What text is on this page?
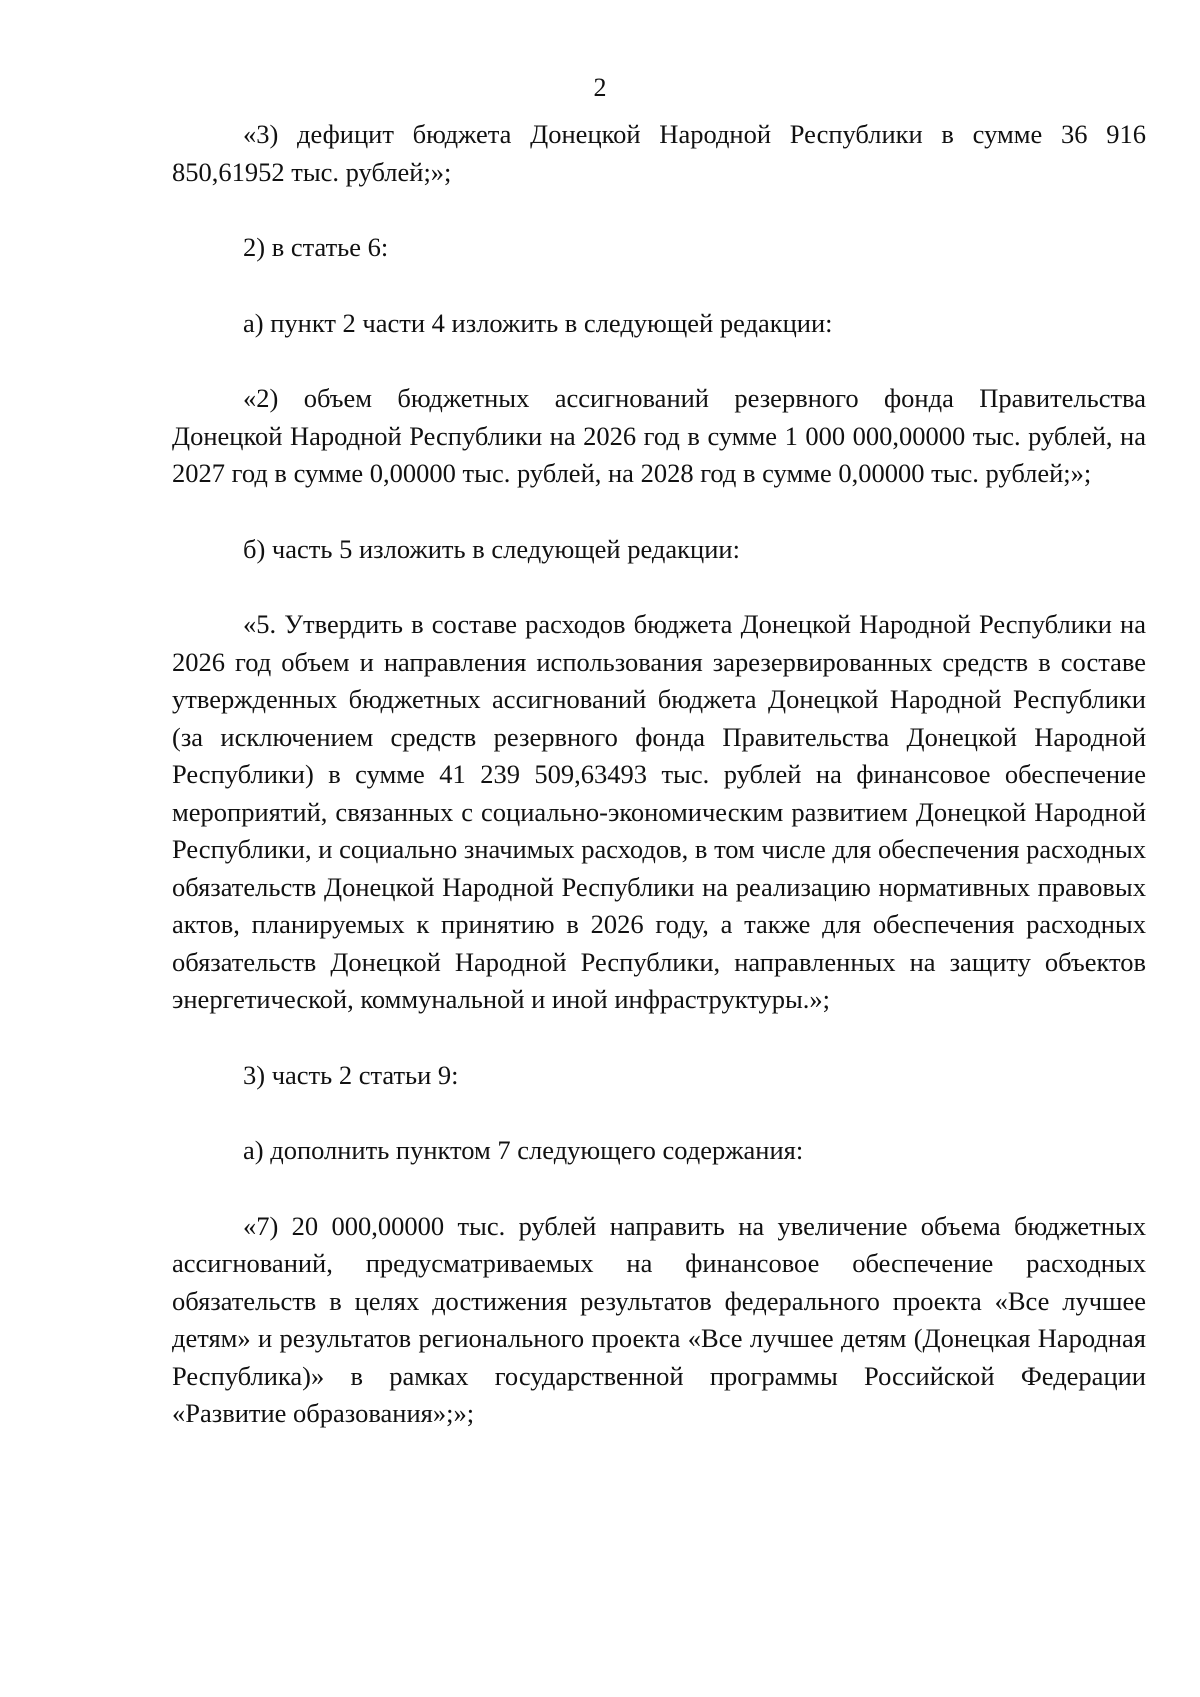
2

«3) дефицит бюджета Донецкой Народной Республики в сумме 36 916 850,61952 тыс. рублей;»;

2) в статье 6:

а) пункт 2 части 4 изложить в следующей редакции:

«2) объем бюджетных ассигнований резервного фонда Правительства Донецкой Народной Республики на 2026 год в сумме 1 000 000,00000 тыс. рублей, на 2027 год в сумме 0,00000 тыс. рублей, на 2028 год в сумме 0,00000 тыс. рублей;»;

б) часть 5 изложить в следующей редакции:

«5. Утвердить в составе расходов бюджета Донецкой Народной Республики на 2026 год объем и направления использования зарезервированных средств в составе утвержденных бюджетных ассигнований бюджета Донецкой Народной Республики (за исключением средств резервного фонда Правительства Донецкой Народной Республики) в сумме 41 239 509,63493 тыс. рублей на финансовое обеспечение мероприятий, связанных с социально-экономическим развитием Донецкой Народной Республики, и социально значимых расходов, в том числе для обеспечения расходных обязательств Донецкой Народной Республики на реализацию нормативных правовых актов, планируемых к принятию в 2026 году, а также для обеспечения расходных обязательств Донецкой Народной Республики, направленных на защиту объектов энергетической, коммунальной и иной инфраструктуры.»;

3) часть 2 статьи 9:

а) дополнить пунктом 7 следующего содержания:

«7) 20 000,00000 тыс. рублей направить на увеличение объема бюджетных ассигнований, предусматриваемых на финансовое обеспечение расходных обязательств в целях достижения результатов федерального проекта «Все лучшее детям» и результатов регионального проекта «Все лучшее детям (Донецкая Народная Республика)» в рамках государственной программы Российской Федерации «Развитие образования»;»;
